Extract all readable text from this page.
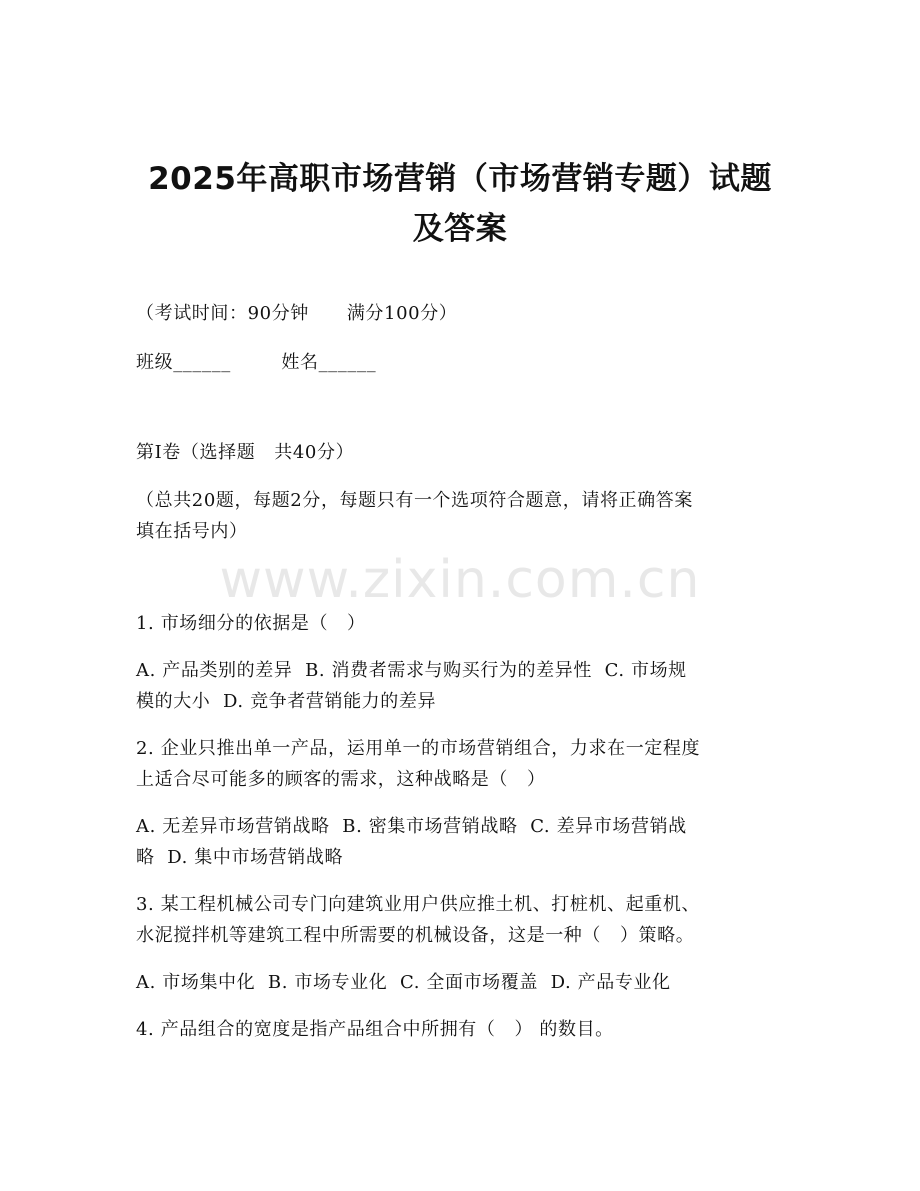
2025年高职市场营销（市场营销专题）试题
及答案
（考试时间：90分钟      满分100分）
班级______        姓名______
第Ⅰ卷（选择题   共40分）
（总共20题，每题2分，每题只有一个选项符合题意，请将正确答案
填在括号内）
www.zixin.com.cn
1. 市场细分的依据是（   ）
A. 产品类别的差异  B. 消费者需求与购买行为的差异性  C. 市场规
模的大小  D. 竞争者营销能力的差异
2. 企业只推出单一产品，运用单一的市场营销组合，力求在一定程度
上适合尽可能多的顾客的需求，这种战略是（   ）
A. 无差异市场营销战略  B. 密集市场营销战略  C. 差异市场营销战
略  D. 集中市场营销战略
3. 某工程机械公司专门向建筑业用户供应推土机、打桩机、起重机、
水泥搅拌机等建筑工程中所需要的机械设备，这是一种（   ）策略。
A. 市场集中化  B. 市场专业化  C. 全面市场覆盖  D. 产品专业化
4. 产品组合的宽度是指产品组合中所拥有（   ） 的数目。
